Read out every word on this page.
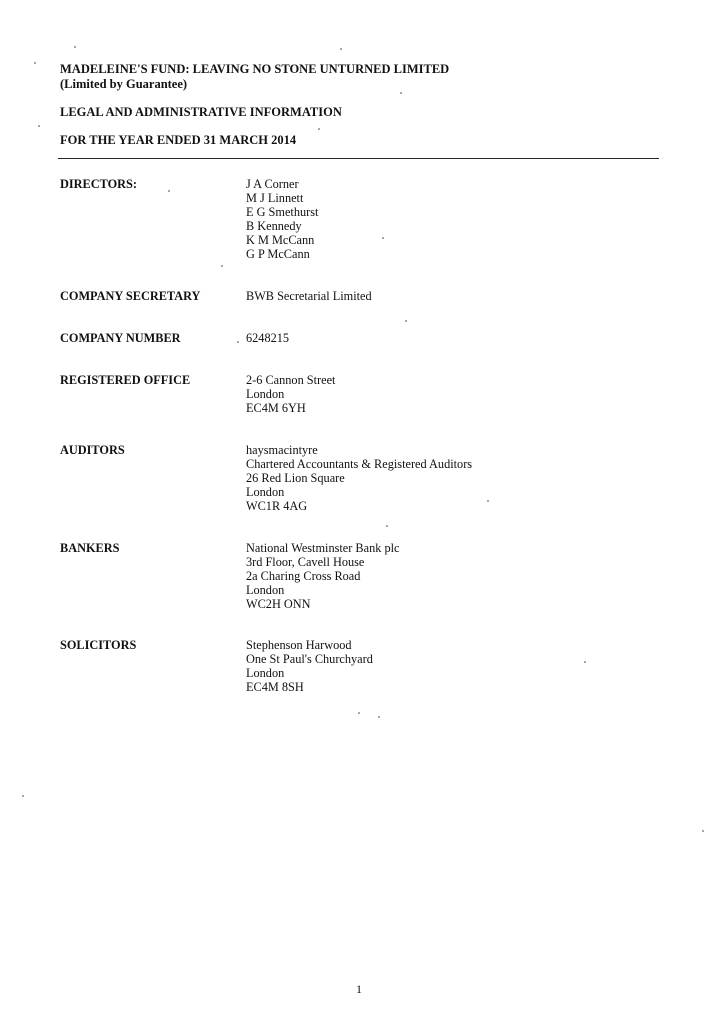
MADELEINE'S FUND: LEAVING NO STONE UNTURNED LIMITED
(Limited by Guarantee)
LEGAL AND ADMINISTRATIVE INFORMATION
FOR THE YEAR ENDED 31 MARCH 2014
DIRECTORS:	J A Corner
M J Linnett
E G Smethurst
B Kennedy
K M McCann
G P McCann
COMPANY SECRETARY	BWB Secretarial Limited
COMPANY NUMBER	6248215
REGISTERED OFFICE	2-6 Cannon Street
London
EC4M 6YH
AUDITORS	haysmacintyre
Chartered Accountants & Registered Auditors
26 Red Lion Square
London
WC1R 4AG
BANKERS	National Westminster Bank plc
3rd Floor, Cavell House
2a Charing Cross Road
London
WC2H ONN
SOLICITORS	Stephenson Harwood
One St Paul's Churchyard
London
EC4M 8SH
1
